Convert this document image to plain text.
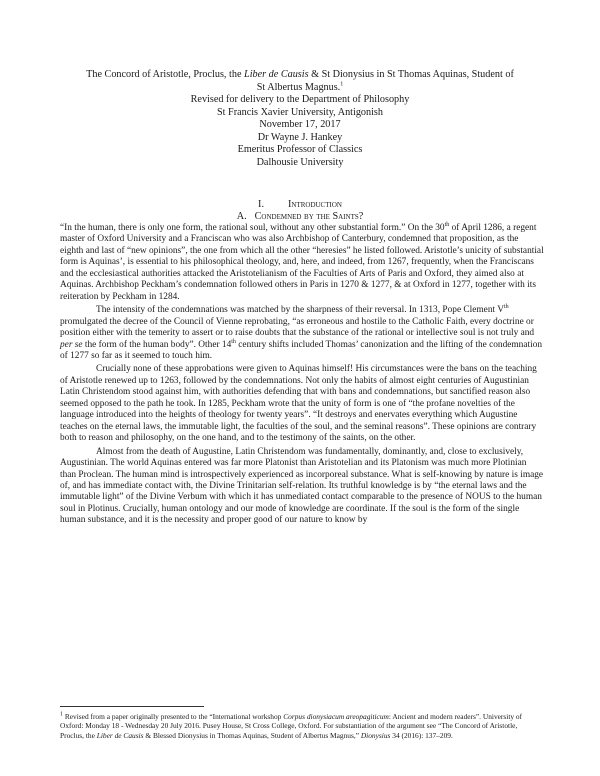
The Concord of Aristotle, Proclus, the Liber de Causis & St Dionysius in St Thomas Aquinas, Student of
St Albertus Magnus.$^1$
Revised for delivery to the Department of Philosophy
St Francis Xavier University, Antigonish
November 17, 2017
Dr Wayne J. Hankey
Emeritus Professor of Classics
Dalhousie University
I. Introduction
A. Condemned by the Saints?

“In the human, there is only one form, the rational soul, without any other substantial form.” On the 30th of April 1286, a regent master of Oxford University and a Franciscan who was also Archbishop of Canterbury, condemned that proposition, as the eighth and last of “new opinions”, the one from which all the other “heresies” he listed followed. Aristotle’s unicity of substantial form is Aquinas’, is essential to his philosophical theology, and, here, and indeed, from 1267, frequently, when the Franciscans and the ecclesiastical authorities attacked the Aristotelianism of the Faculties of Arts of Paris and Oxford, they aimed also at Aquinas. Archbishop Peckham’s condemnation followed others in Paris in 1270 & 1277, & at Oxford in 1277, together with its reiteration by Peckham in 1284.

The intensity of the condemnations was matched by the sharpness of their reversal. In 1313, Pope Clement Vth promulgated the decree of the Council of Vienne reprobating, “as erroneous and hostile to the Catholic Faith, every doctrine or position either with the temerity to assert or to raise doubts that the substance of the rational or intellective soul is not truly and per se the form of the human body”. Other 14th century shifts included Thomas’ canonization and the lifting of the condemnation of 1277 so far as it seemed to touch him.

Crucially none of these approbations were given to Aquinas himself! His circumstances were the bans on the teaching of Aristotle renewed up to 1263, followed by the condemnations. Not only the habits of almost eight centuries of Augustinian Latin Christendom stood against him, with authorities defending that with bans and condemnations, but sanctified reason also seemed opposed to the path he took. In 1285, Peckham wrote that the unity of form is one of “the profane novelties of the language introduced into the heights of theology for twenty years”. “It destroys and enervates everything which Augustine teaches on the eternal laws, the immutable light, the faculties of the soul, and the seminal reasons”. These opinions are contrary both to reason and philosophy, on the one hand, and to the testimony of the saints, on the other.

Almost from the death of Augustine, Latin Christendom was fundamentally, dominantly, and, close to exclusively, Augustinian. The world Aquinas entered was far more Platonist than Aristotelian and its Platonism was much more Plotinian than Proclean. The human mind is introspectively experienced as incorporeal substance. What is self-knowing by nature is image of, and has immediate contact with, the Divine Trinitarian self-relation. Its truthful knowledge is by “the eternal laws and the immutable light” of the Divine Verbum with which it has unmediated contact comparable to the presence of NOUS to the human soul in Plotinus. Crucially, human ontology and our mode of knowledge are coordinate. If the soul is the form of the single human substance, and it is the necessity and proper good of our nature to know by

$^1$ Revised from a paper originally presented to the “International workshop Corpus dionysiacum areopagiticum: Ancient and modern readers”. University of Oxford: Monday 18 - Wednesday 20 July 2016. Pusey House, St Cross College, Oxford. For substantiation of the argument see “The Concord of Aristotle, Proclus, the Liber de Causis & Blessed Dionysius in Thomas Aquinas, Student of Albertus Magnus,” Dionysius 34 (2016): 137–209.
